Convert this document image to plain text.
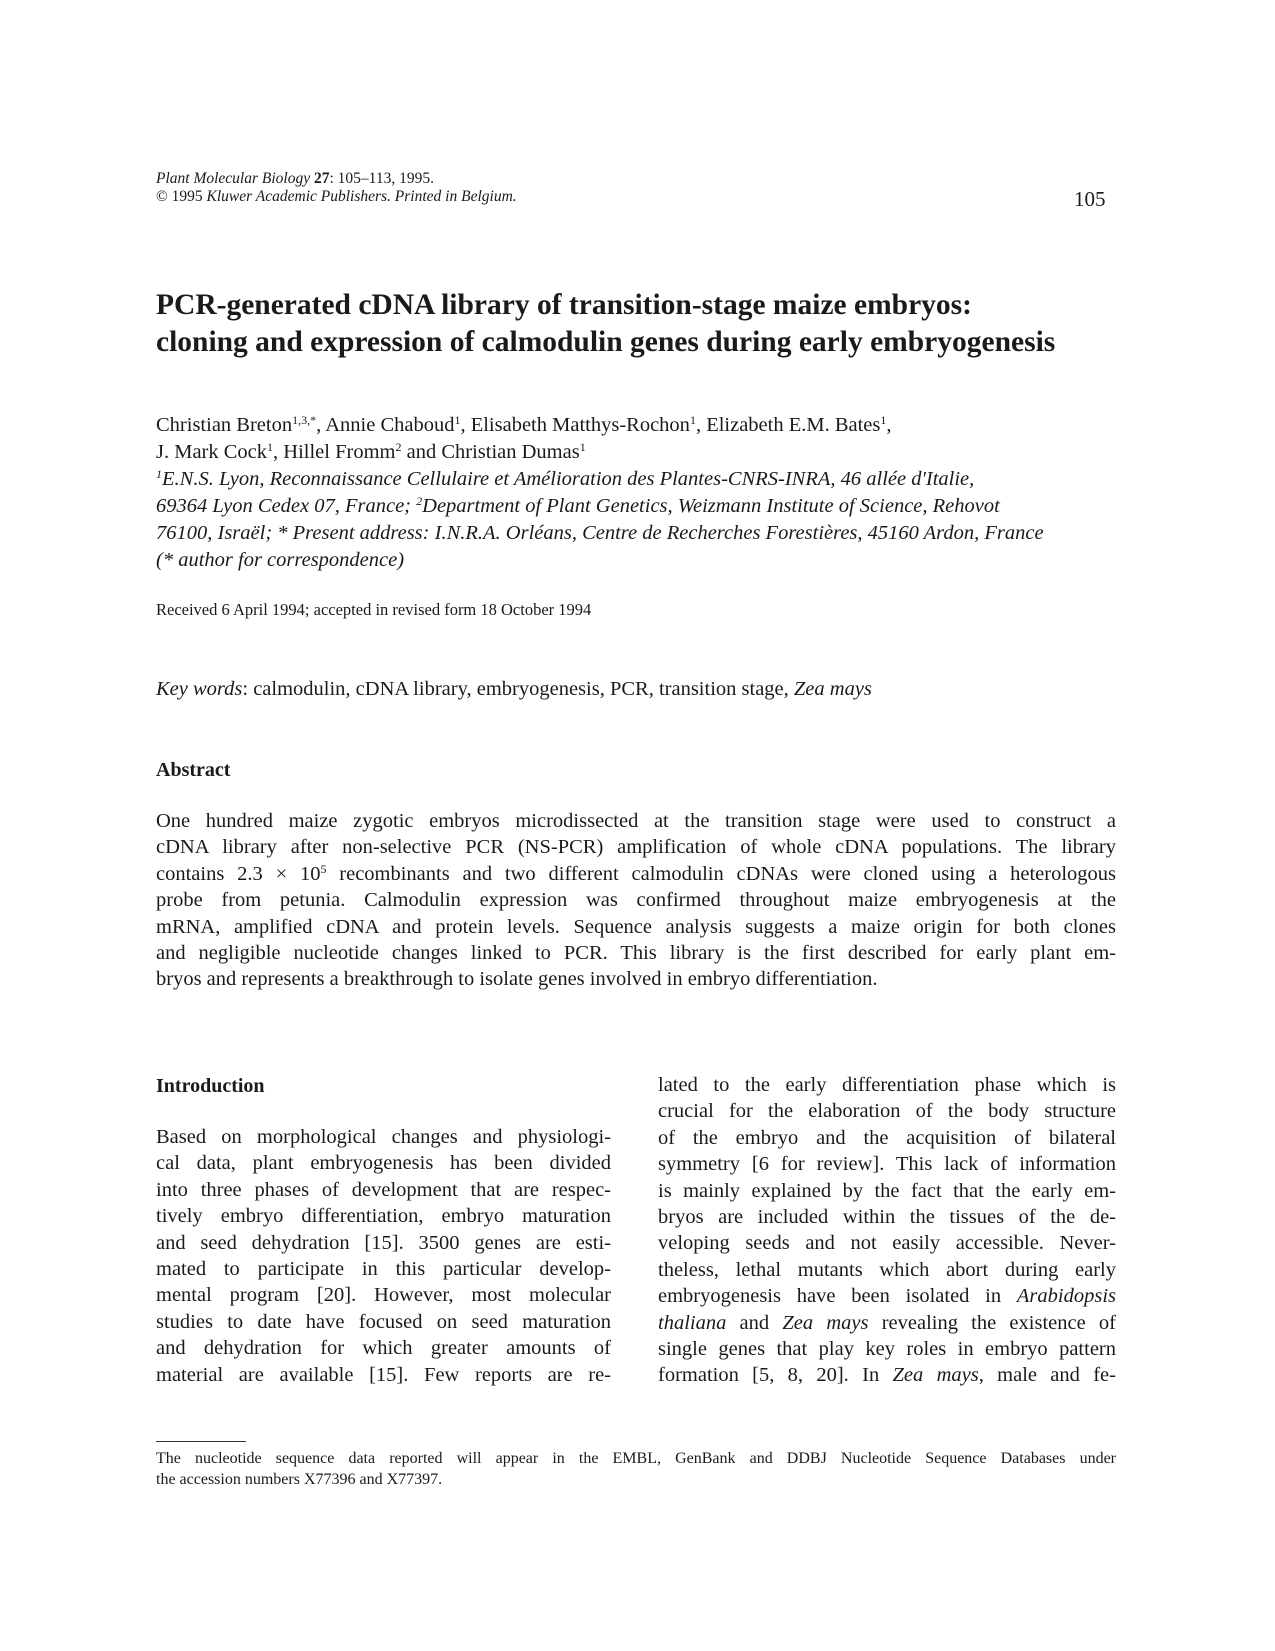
Plant Molecular Biology 27: 105–113, 1995.
© 1995 Kluwer Academic Publishers. Printed in Belgium.	105
PCR-generated cDNA library of transition-stage maize embryos:
cloning and expression of calmodulin genes during early embryogenesis
Christian Breton$^{1,3,*}$, Annie Chaboud$^1$, Elisabeth Matthys-Rochon$^1$, Elizabeth E.M. Bates$^1$,
J. Mark Cock$^1$, Hillel Fromm$^2$ and Christian Dumas$^1$
$^1$E.N.S. Lyon, Reconnaissance Cellulaire et Amélioration des Plantes-CNRS-INRA, 46 allée d'Italie,
69364 Lyon Cedex 07, France; $^2$Department of Plant Genetics, Weizmann Institute of Science, Rehovot
76100, Israël; * Present address: I.N.R.A. Orléans, Centre de Recherches Forestières, 45160 Ardon, France
(* author for correspondence)
Received 6 April 1994; accepted in revised form 18 October 1994
Key words: calmodulin, cDNA library, embryogenesis, PCR, transition stage, Zea mays
Abstract
One hundred maize zygotic embryos microdissected at the transition stage were used to construct a
cDNA library after non-selective PCR (NS-PCR) amplification of whole cDNA populations. The library
contains $2.3 \times 10^5$ recombinants and two different calmodulin cDNAs were cloned using a heterologous
probe from petunia. Calmodulin expression was confirmed throughout maize embryogenesis at the
mRNA, amplified cDNA and protein levels. Sequence analysis suggests a maize origin for both clones
and negligible nucleotide changes linked to PCR. This library is the first described for early plant em-
bryos and represents a breakthrough to isolate genes involved in embryo differentiation.
Introduction
Based on morphological changes and physiologi-
cal data, plant embryogenesis has been divided
into three phases of development that are respec-
tively embryo differentiation, embryo maturation
and seed dehydration [15]. 3500 genes are esti-
mated to participate in this particular develop-
mental program [20]. However, most molecular
studies to date have focused on seed maturation
and dehydration for which greater amounts of
material are available [15]. Few reports are re-
lated to the early differentiation phase which is
crucial for the elaboration of the body structure
of the embryo and the acquisition of bilateral
symmetry [6 for review]. This lack of information
is mainly explained by the fact that the early em-
bryos are included within the tissues of the de-
veloping seeds and not easily accessible. Never-
theless, lethal mutants which abort during early
embryogenesis have been isolated in Arabidopsis
thaliana and Zea mays revealing the existence of
single genes that play key roles in embryo pattern
formation [5, 8, 20]. In Zea mays, male and fe-
The nucleotide sequence data reported will appear in the EMBL, GenBank and DDBJ Nucleotide Sequence Databases under
the accession numbers X77396 and X77397.
